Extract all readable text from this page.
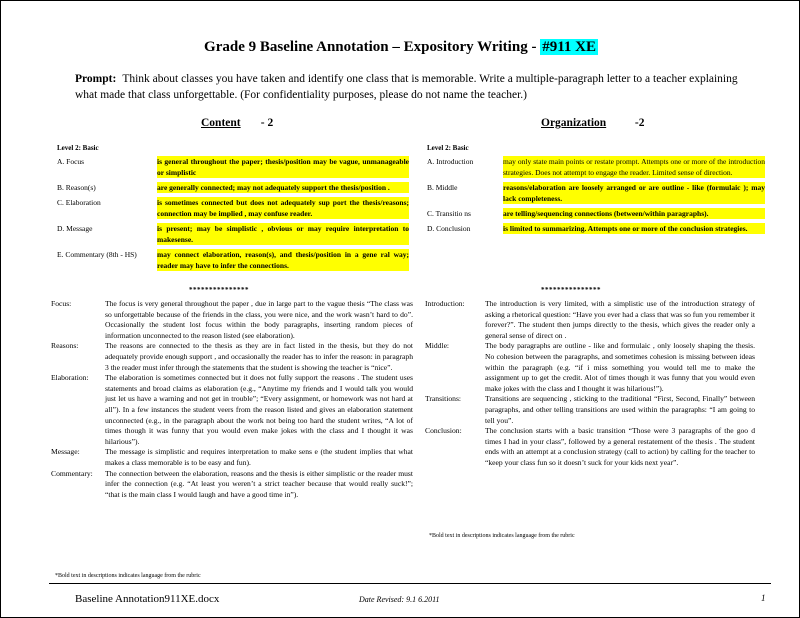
Grade 9 Baseline Annotation – Expository Writing - #911 XE
Prompt: Think about classes you have taken and identify one class that is memorable. Write a multiple-paragraph letter to a teacher explaining what made that class unforgettable. (For confidentiality purposes, please do not name the teacher.)
Content - 2	Organization	-2
Level 2: Basic
A. Focus	is general throughout the paper; thesis/position may be vague, unmanageable or simplistic
B. Reason(s)	are generally connected; may not adequately support the thesis/position .
C. Elaboration	is sometimes connected but does not adequately sup port the thesis/reasons; connection may be implied , may confuse reader.
D. Message	is present; may be simplistic , obvious or may require interpretation to makesense.
E. Commentary (8th - HS)	may connect elaboration, reason(s), and thesis/position in a gene ral way; reader may have to infer the connections.
***************
Level 2: Basic
A. Introduction	may only state main points or restate prompt. Attempts one or more of the introduction strategies. Does not attempt to engage the reader. Limited sense of direction.
B. Middle	reasons/elaboration are loosely arranged or are outline - like (formulaic ); may lack completeness.
C. Transitio ns	are telling/sequencing connections (between/within paragraphs).
D. Conclusion	is limited to summarizing. Attempts one or more of the conclusion strategies.
***************
Focus:	The focus is very general throughout the paper , due in large part to the vague thesis “The class was so unforgettable because of the friends in the class, you were nice, and the work wasn’t hard to do”. Occasionally the student lost focus within the body paragraphs, inserting random pieces of information unconnected to the reason listed (see elaboration).
Reasons:	The reasons are connected to the thesis as they are in fact listed in the thesis, but they do not adequately provide enough support , and occasionally the reader has to infer the reason: in paragraph 3 the reader must infer through the statements that the student is showing the teacher is “nice”.
Elaboration:	The elaboration is sometimes connected but it does not fully support the reasons . The student uses statements and broad claims as elaboration (e.g., “Anytime my friends and I would talk you would just let us have a warning and not get in trouble”; “Every assignment, or homework was not hard at all”). In a few instances the student veers from the reason listed and gives an elaboration statement unconnected (e.g., in the paragraph about the work not being too hard the student writes, “A lot of times though it was funny that you would even make jokes with the class and I thought it was hilarious”).
Message:	The message is simplistic and requires interpretation to make sens e (the student implies that what makes a class memorable is to be easy and fun).
Commentary:	The connection between the elaboration, reasons and the thesis is either simplistic or the reader must infer the connection (e.g. “At least you weren’t a strict teacher because that would really suck!”; “that is the main class I would laugh and have a good time in”).
*Bold text in descriptions indicates language from the rubric
Introduction:	The introduction is very limited, with a simplistic use of the introduction strategy of asking a rhetorical question: “Have you ever had a class that was so fun you remember it forever?”. The student then jumps directly to the thesis, which gives the reader only a general sense of direct on .
Middle:	The body paragraphs are outline - like and formulaic , only loosely shaping the thesis. No cohesion between the paragraphs, and sometimes cohesion is missing between ideas within the paragraph (e.g. “if i miss something you would tell me to make the assignment up to get the credit. Alot of times though it was funny that you would even make jokes with the class and I thought it was hilarious!”).
Transitions:	Transitions are sequencing , sticking to the traditional “First, Second, Finally” between paragraphs, and other telling transitions are used within the paragraphs: “I am going to tell you”.
Conclusion:	The conclusion starts with a basic transition “Those were 3 paragraphs of the goo d times I had in your class”, followed by a general restatement of the thesis . The student ends with an attempt at a conclusion strategy (call to action) by calling for the teacher to “keep your class fun so it doesn’t suck for your kids next year”.
*Bold text in descriptions indicates language from the rubric
Baseline Annotation911XE.docx	Date Revised: 9.1 6.2011	1
